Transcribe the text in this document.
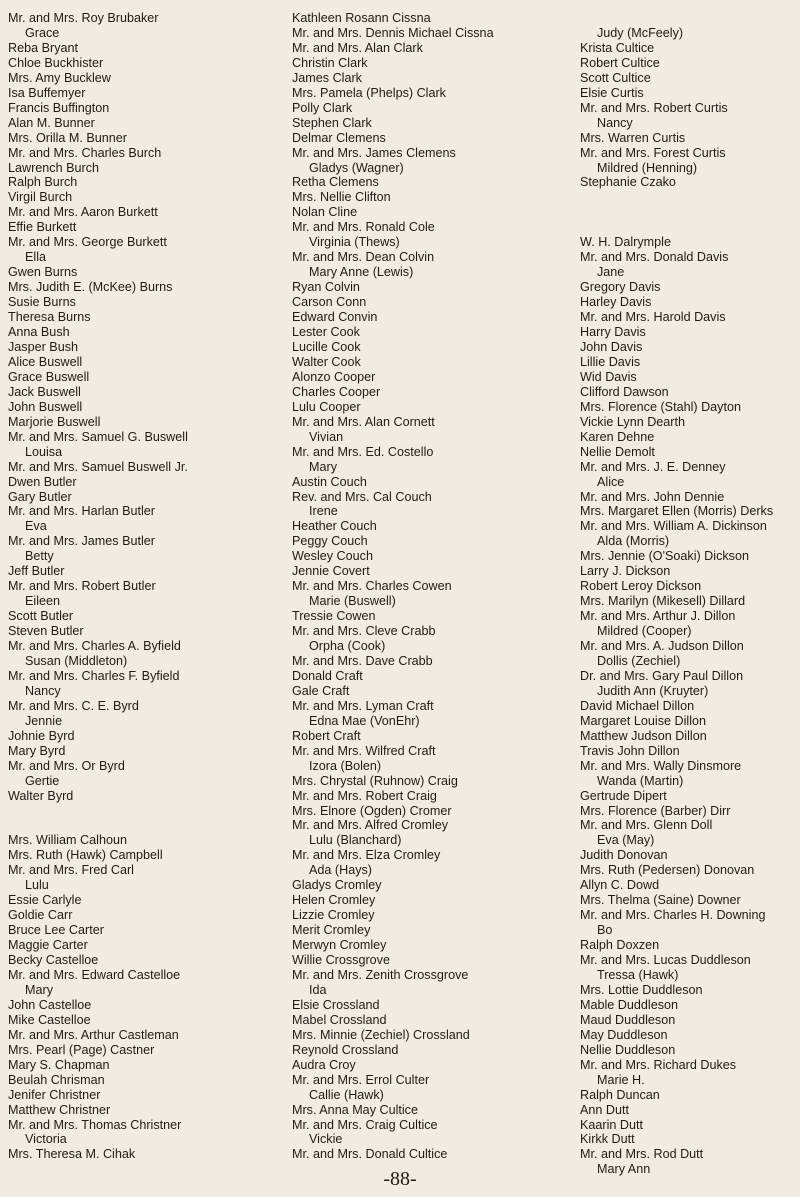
Mr. and Mrs. Roy Brubaker
Grace
Reba Bryant
Chloe Buckhister
Mrs. Amy Bucklew
Isa Buffemyer
Francis Buffington
Alan M. Bunner
Mrs. Orilla M. Bunner
Mr. and Mrs. Charles Burch
Lawrench Burch
Ralph Burch
Virgil Burch
Mr. and Mrs. Aaron Burkett
Effie Burkett
Mr. and Mrs. George Burkett
Ella
Gwen Burns
Mrs. Judith E. (McKee) Burns
Susie Burns
Theresa Burns
Anna Bush
Jasper Bush
Alice Buswell
Grace Buswell
Jack Buswell
John Buswell
Marjorie Buswell
Mr. and Mrs. Samuel G. Buswell
Louisa
Mr. and Mrs. Samuel Buswell Jr.
Dwen Butler
Gary Butler
Mr. and Mrs. Harlan Butler
Eva
Mr. and Mrs. James Butler
Betty
Jeff Butler
Mr. and Mrs. Robert Butler
Eileen
Scott Butler
Steven Butler
Mr. and Mrs. Charles A. Byfield
Susan (Middleton)
Mr. and Mrs. Charles F. Byfield
Nancy
Mr. and Mrs. C. E. Byrd
Jennie
Johnie Byrd
Mary Byrd
Mr. and Mrs. Or Byrd
Gertie
Walter Byrd

Mrs. William Calhoun
Mrs. Ruth (Hawk) Campbell
Mr. and Mrs. Fred Carl
Lulu
Essie Carlyle
Goldie Carr
Bruce Lee Carter
Maggie Carter
Becky Castelloe
Mr. and Mrs. Edward Castelloe
Mary
John Castelloe
Mike Castelloe
Mr. and Mrs. Arthur Castleman
Mrs. Pearl (Page) Castner
Mary S. Chapman
Beulah Chrisman
Jenifer Christner
Matthew Christner
Mr. and Mrs. Thomas Christner
Victoria
Mrs. Theresa M. Cihak
Kathleen Rosann Cissna
Mr. and Mrs. Dennis Michael Cissna
Mr. and Mrs. Alan Clark
Christin Clark
James Clark
Mrs. Pamela (Phelps) Clark
Polly Clark
Stephen Clark
Delmar Clemens
Mr. and Mrs. James Clemens
Gladys (Wagner)
Retha Clemens
Mrs. Nellie Clifton
Nolan Cline
Mr. and Mrs. Ronald Cole
Virginia (Thews)
Mr. and Mrs. Dean Colvin
Mary Anne (Lewis)
Ryan Colvin
Carson Conn
Edward Convin
Lester Cook
Lucille Cook
Walter Cook
Alonzo Cooper
Charles Cooper
Lulu Cooper
Mr. and Mrs. Alan Cornett
Vivian
Mr. and Mrs. Ed. Costello
Mary
Austin Couch
Rev. and Mrs. Cal Couch
Irene
Heather Couch
Peggy Couch
Wesley Couch
Jennie Covert
Mr. and Mrs. Charles Cowen
Marie (Buswell)
Tressie Cowen
Mr. and Mrs. Cleve Crabb
Orpha (Cook)
Mr. and Mrs. Dave Crabb
Donald Craft
Gale Craft
Mr. and Mrs. Lyman Craft
Edna Mae (VonEhr)
Robert Craft
Mr. and Mrs. Wilfred Craft
Izora (Bolen)
Mrs. Chrystal (Ruhnow) Craig
Mr. and Mrs. Robert Craig
Mrs. Elnore (Ogden) Cromer
Mr. and Mrs. Alfred Cromley
Lulu (Blanchard)
Mr. and Mrs. Elza Cromley
Ada (Hays)
Gladys Cromley
Helen Cromley
Lizzie Cromley
Merit Cromley
Merwyn Cromley
Willie Crossgrove
Mr. and Mrs. Zenith Crossgrove
Ida
Elsie Crossland
Mabel Crossland
Mrs. Minnie (Zechiel) Crossland
Reynold Crossland
Audra Croy
Mr. and Mrs. Errol Culter
Callie (Hawk)
Mrs. Anna May Cultice
Mr. and Mrs. Craig Cultice
Vickie
Mr. and Mrs. Donald Cultice

Judy (McFeely)
Krista Cultice
Robert Cultice
Scott Cultice
Elsie Curtis
Mr. and Mrs. Robert Curtis
Nancy
Mrs. Warren Curtis
Mr. and Mrs. Forest Curtis
Mildred (Henning)
Stephanie Czako

W. H. Dalrymple
Mr. and Mrs. Donald Davis
Jane
Gregory Davis
Harley Davis
Mr. and Mrs. Harold Davis
Harry Davis
John Davis
Lillie Davis
Wid Davis
Clifford Dawson
Mrs. Florence (Stahl) Dayton
Vickie Lynn Dearth
Karen Dehne
Nellie Demolt
Mr. and Mrs. J. E. Denney
Alice
Mr. and Mrs. John Dennie
Mrs. Margaret Ellen (Morris) Derks
Mr. and Mrs. William A. Dickinson
Alda (Morris)
Mrs. Jennie (O'Soaki) Dickson
Larry J. Dickson
Robert Leroy Dickson
Mrs. Marilyn (Mikesell) Dillard
Mr. and Mrs. Arthur J. Dillon
Mildred (Cooper)
Mr. and Mrs. A. Judson Dillon
Dollis (Zechiel)
Dr. and Mrs. Gary Paul Dillon
Judith Ann (Kruyter)
David Michael Dillon
Margaret Louise Dillon
Matthew Judson Dillon
Travis John Dillon
Mr. and Mrs. Wally Dinsmore
Wanda (Martin)
Gertrude Dipert
Mrs. Florence (Barber) Dirr
Mr. and Mrs. Glenn Doll
Eva (May)
Judith Donovan
Mrs. Ruth (Pedersen) Donovan
Allyn C. Dowd
Mrs. Thelma (Saine) Downer
Mr. and Mrs. Charles H. Downing
Bo
Ralph Doxzen
Mr. and Mrs. Lucas Duddleson
Tressa (Hawk)
Mrs. Lottie Duddleson
Mable Duddleson
Maud Duddleson
May Duddleson
Nellie Duddleson
Mr. and Mrs. Richard Dukes
Marie H.
Ralph Duncan
Ann Dutt
Kaarin Dutt
Kirkk Dutt
Mr. and Mrs. Rod Dutt
Mary Ann
-88-
